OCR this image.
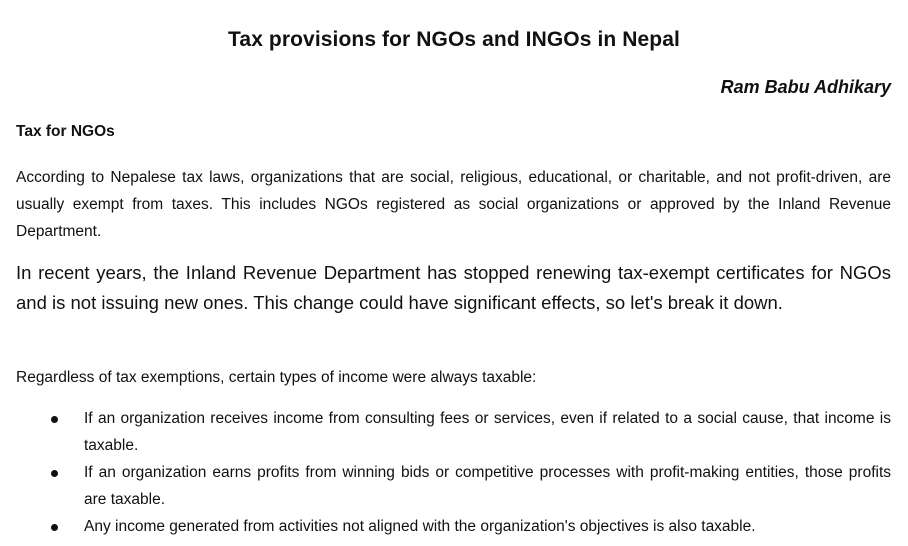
Tax provisions for NGOs and INGOs in Nepal

Ram Babu Adhikary

Tax for NGOs

According to Nepalese tax laws, organizations that are social, religious, educational, or charitable, and not profit-driven, are usually exempt from taxes. This includes NGOs registered as social organizations or approved by the Inland Revenue Department.

In recent years, the Inland Revenue Department has stopped renewing tax-exempt certificates for NGOs and is not issuing new ones. This change could have significant effects, so let's break it down.

Regardless of tax exemptions, certain types of income were always taxable:

If an organization receives income from consulting fees or services, even if related to a social cause, that income is taxable.
If an organization earns profits from winning bids or competitive processes with profit-making entities, those profits are taxable.
Any income generated from activities not aligned with the organization's objectives is also taxable.
